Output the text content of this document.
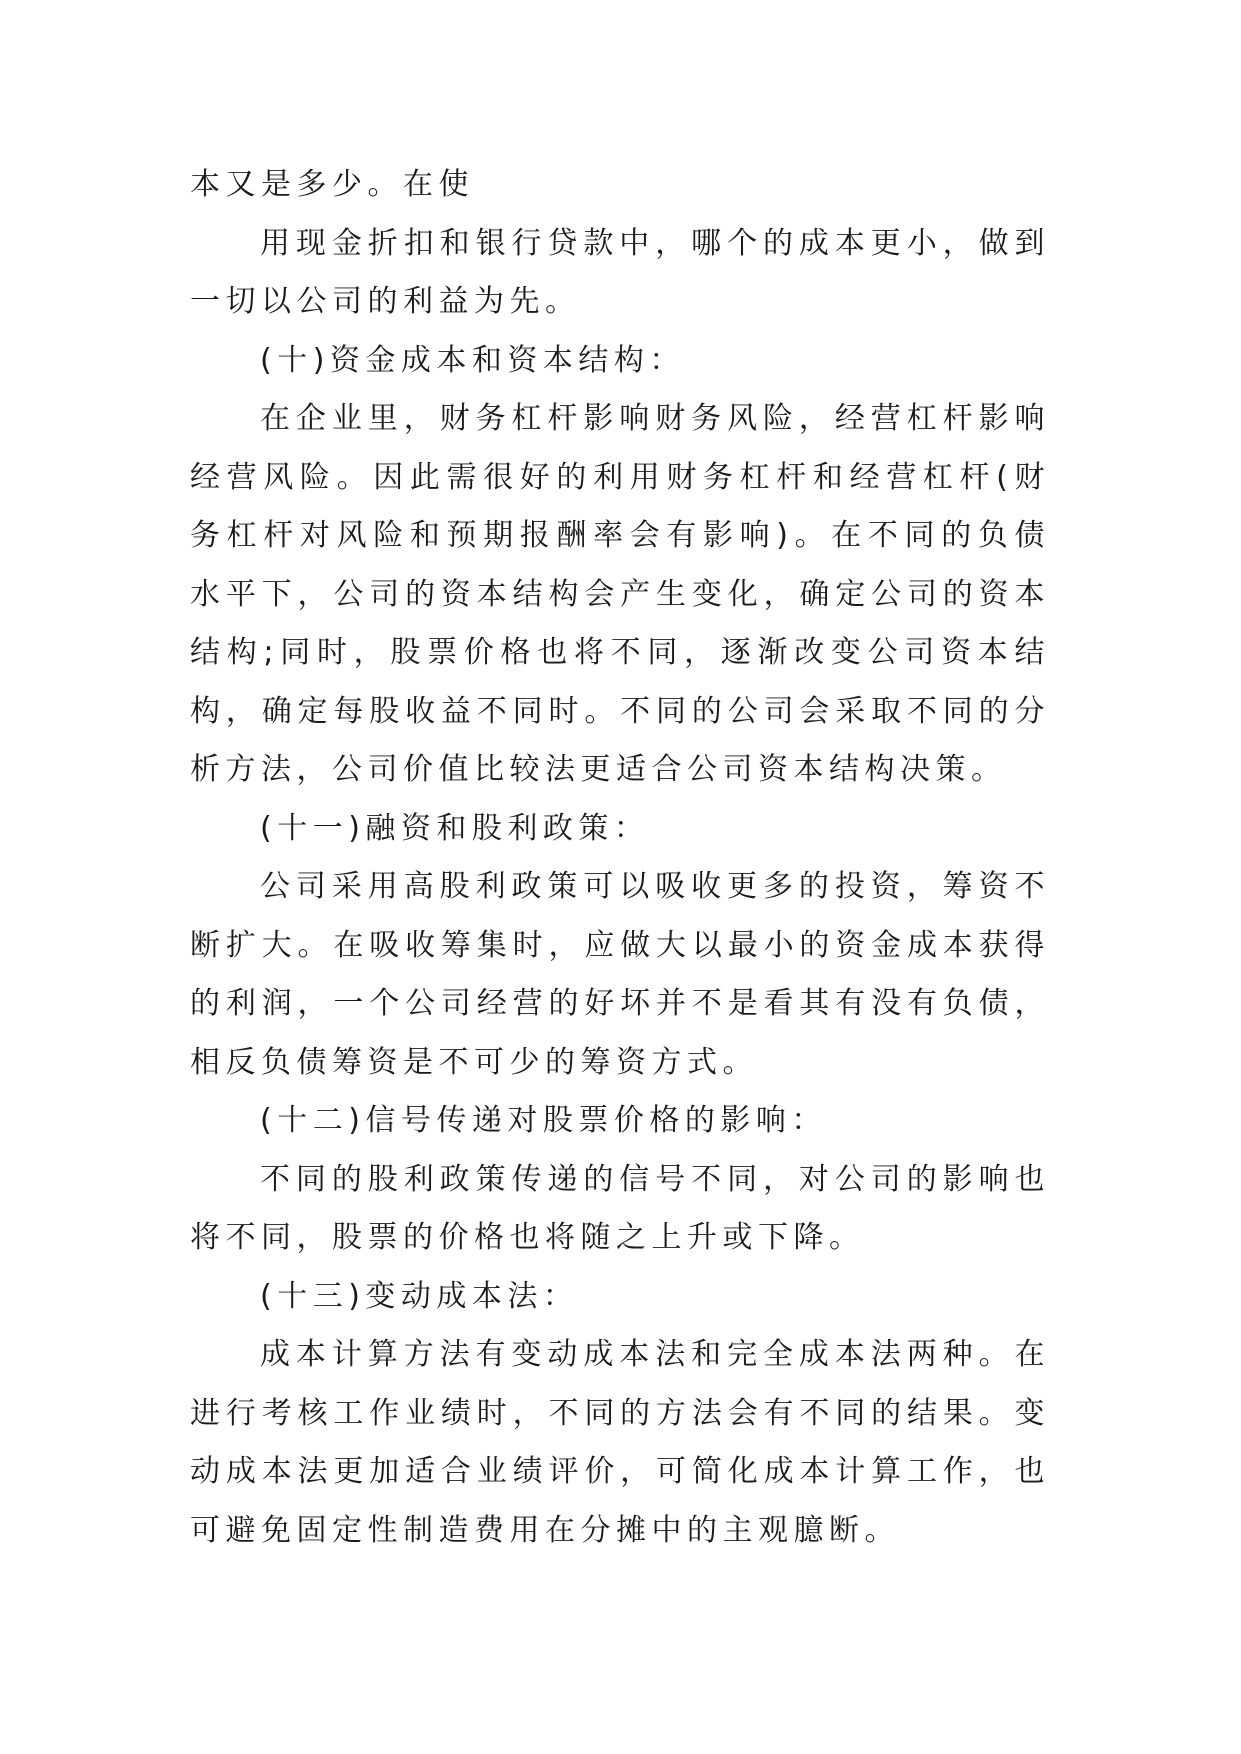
本又是多少。在使

用现金折扣和银行贷款中，哪个的成本更小，做到一切以公司的利益为先。

(十)资金成本和资本结构：

在企业里，财务杠杆影响财务风险，经营杠杆影响经营风险。因此需很好的利用财务杠杆和经营杠杆(财务杠杆对风险和预期报酬率会有影响)。在不同的负债水平下，公司的资本结构会产生变化，确定公司的资本结构;同时，股票价格也将不同，逐渐改变公司资本结构，确定每股收益不同时。不同的公司会采取不同的分析方法，公司价值比较法更适合公司资本结构决策。

(十一)融资和股利政策：

公司采用高股利政策可以吸收更多的投资，筹资不断扩大。在吸收筹集时，应做大以最小的资金成本获得的利润，一个公司经营的好坏并不是看其有没有负债，相反负债筹资是不可少的筹资方式。

(十二)信号传递对股票价格的影响：

不同的股利政策传递的信号不同，对公司的影响也将不同，股票的价格也将随之上升或下降。

(十三)变动成本法：

成本计算方法有变动成本法和完全成本法两种。在进行考核工作业绩时，不同的方法会有不同的结果。变动成本法更加适合业绩评价，可简化成本计算工作，也可避免固定性制造费用在分摊中的主观臆断。
